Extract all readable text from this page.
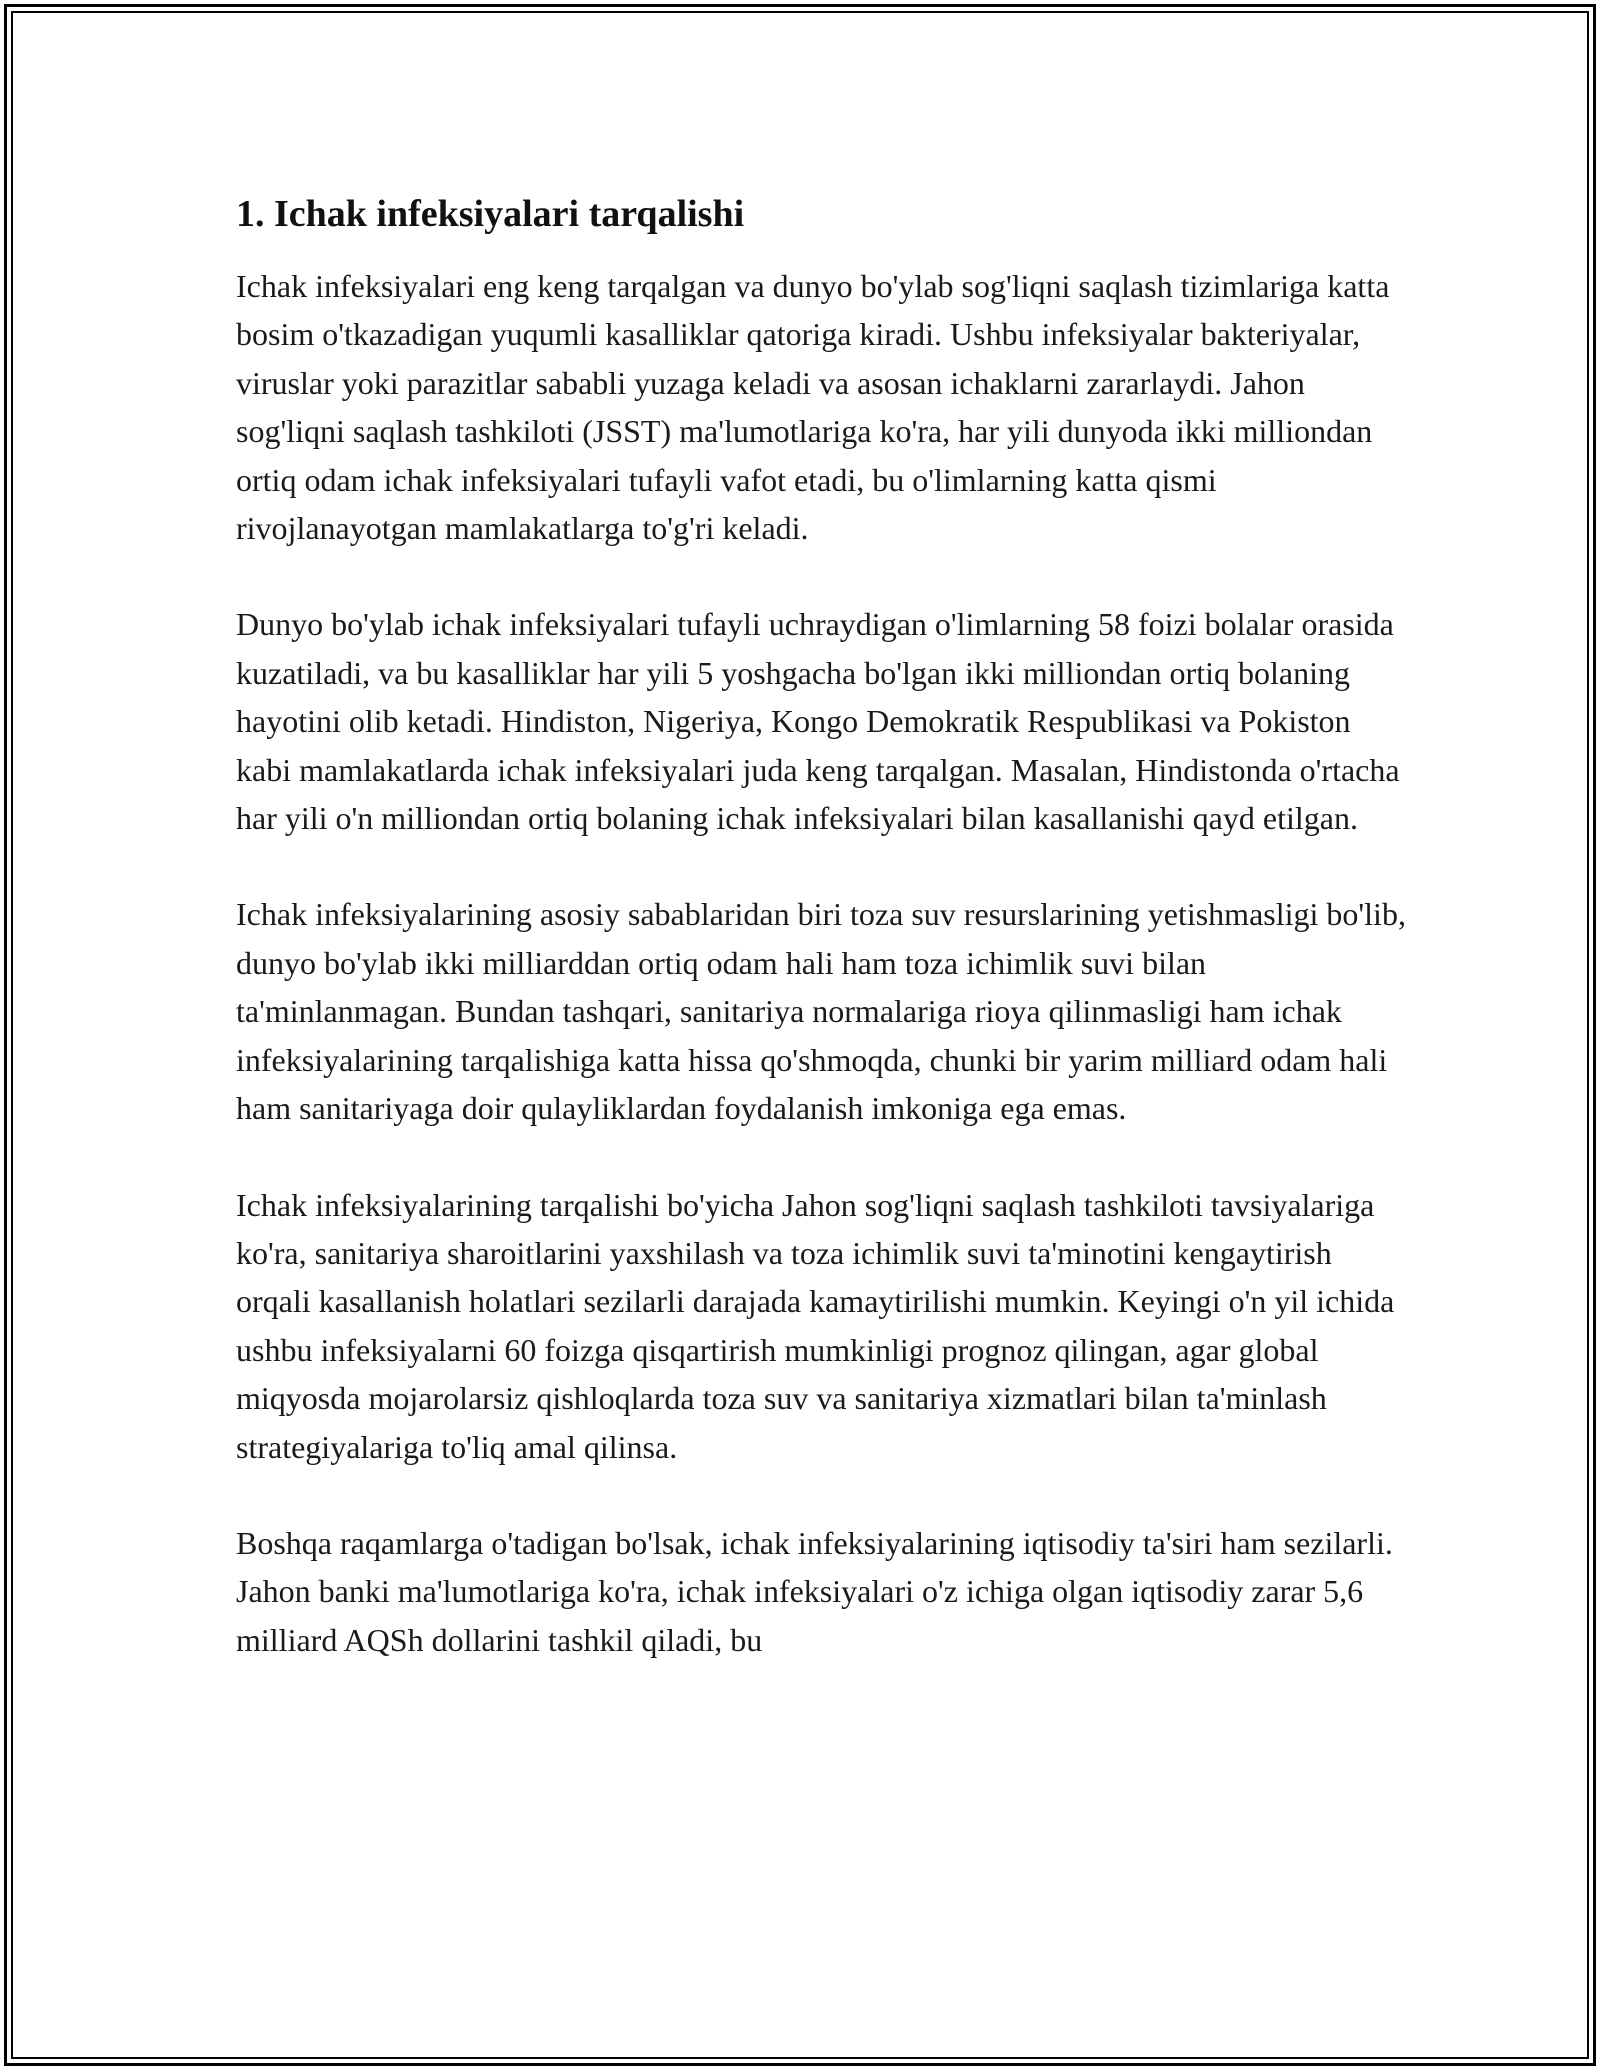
1. Ichak infeksiyalari tarqalishi

Ichak infeksiyalari eng keng tarqalgan va dunyo bo'ylab sog'liqni saqlash tizimlariga katta bosim o'tkazadigan yuqumli kasalliklar qatoriga kiradi. Ushbu infeksiyalar bakteriyalar, viruslar yoki parazitlar sababli yuzaga keladi va asosan ichaklarni zararlaydi. Jahon sog'liqni saqlash tashkiloti (JSST) ma'lumotlariga ko'ra, har yili dunyoda ikki milliondan ortiq odam ichak infeksiyalari tufayli vafot etadi, bu o'limlarning katta qismi rivojlanayotgan mamlakatlarga to'g'ri keladi.

Dunyo bo'ylab ichak infeksiyalari tufayli uchraydigan o'limlarning 58 foizi bolalar orasida kuzatiladi, va bu kasalliklar har yili 5 yoshgacha bo'lgan ikki milliondan ortiq bolaning hayotini olib ketadi. Hindiston, Nigeriya, Kongo Demokratik Respublikasi va Pokiston kabi mamlakatlarda ichak infeksiyalari juda keng tarqalgan. Masalan, Hindistonda o'rtacha har yili o'n milliondan ortiq bolaning ichak infeksiyalari bilan kasallanishi qayd etilgan.

Ichak infeksiyalarining asosiy sabablaridan biri toza suv resurslarining yetishmasligi bo'lib, dunyo bo'ylab ikki milliarddan ortiq odam hali ham toza ichimlik suvi bilan ta'minlanmagan. Bundan tashqari, sanitariya normalariga rioya qilinmasligi ham ichak infeksiyalarining tarqalishiga katta hissa qo'shmoqda, chunki bir yarim milliard odam hali ham sanitariyaga doir qulayliklardan foydalanish imkoniga ega emas.

Ichak infeksiyalarining tarqalishi bo'yicha Jahon sog'liqni saqlash tashkiloti tavsiyalariga ko'ra, sanitariya sharoitlarini yaxshilash va toza ichimlik suvi ta'minotini kengaytirish orqali kasallanish holatlari sezilarli darajada kamaytirilishi mumkin. Keyingi o'n yil ichida ushbu infeksiyalarni 60 foizga qisqartirish mumkinligi prognoz qilingan, agar global miqyosda mojarolarsiz qishloqlarda toza suv va sanitariya xizmatlari bilan ta'minlash strategiyalariga to'liq amal qilinsa.

Boshqa raqamlarga o'tadigan bo'lsak, ichak infeksiyalarining iqtisodiy ta'siri ham sezilarli. Jahon banki ma'lumotlariga ko'ra, ichak infeksiyalari o'z ichiga olgan iqtisodiy zarar 5,6 milliard AQSh dollarini tashkil qiladi, bu
